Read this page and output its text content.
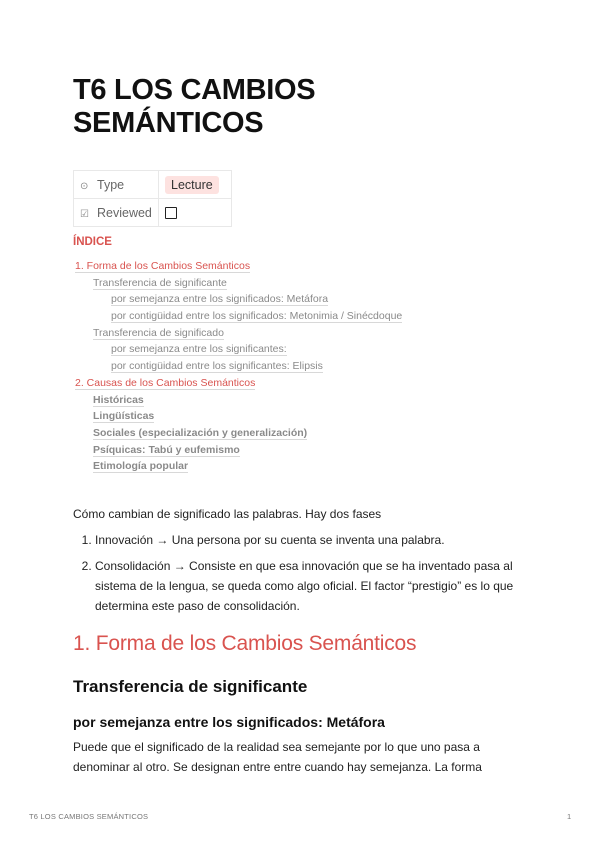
T6 LOS CAMBIOS
SEMÁNTICOS
⊙ Type	Lecture
☑ Reviewed	
ÍNDICE
1. Forma de los Cambios Semánticos
Transferencia de significante
por semejanza entre los significados: Metáfora
por contigüidad entre los significados: Metonimia / Sinécdoque
Transferencia de significado
por semejanza entre los significantes:
por contigüidad entre los significantes: Elipsis
2. Causas de los Cambios Semánticos
Históricas
Lingüísticas
Sociales (especialización y generalización)
Psíquicas: Tabú y eufemismo
Etimología popular
Cómo cambian de significado las palabras. Hay dos fases
1. Innovación → Una persona por su cuenta se inventa una palabra.
2. Consolidación → Consiste en que esa innovación que se ha inventado pasa al sistema de la lengua, se queda como algo oficial. El factor “prestigio” es lo que determina este paso de consolidación.
1. Forma de los Cambios Semánticos
Transferencia de significante
por semejanza entre los significados: Metáfora
Puede que el significado de la realidad sea semejante por lo que uno pasa a denominar al otro. Se designan entre entre cuando hay semejanza. La forma
T6 LOS CAMBIOS SEMÁNTICOS	1
